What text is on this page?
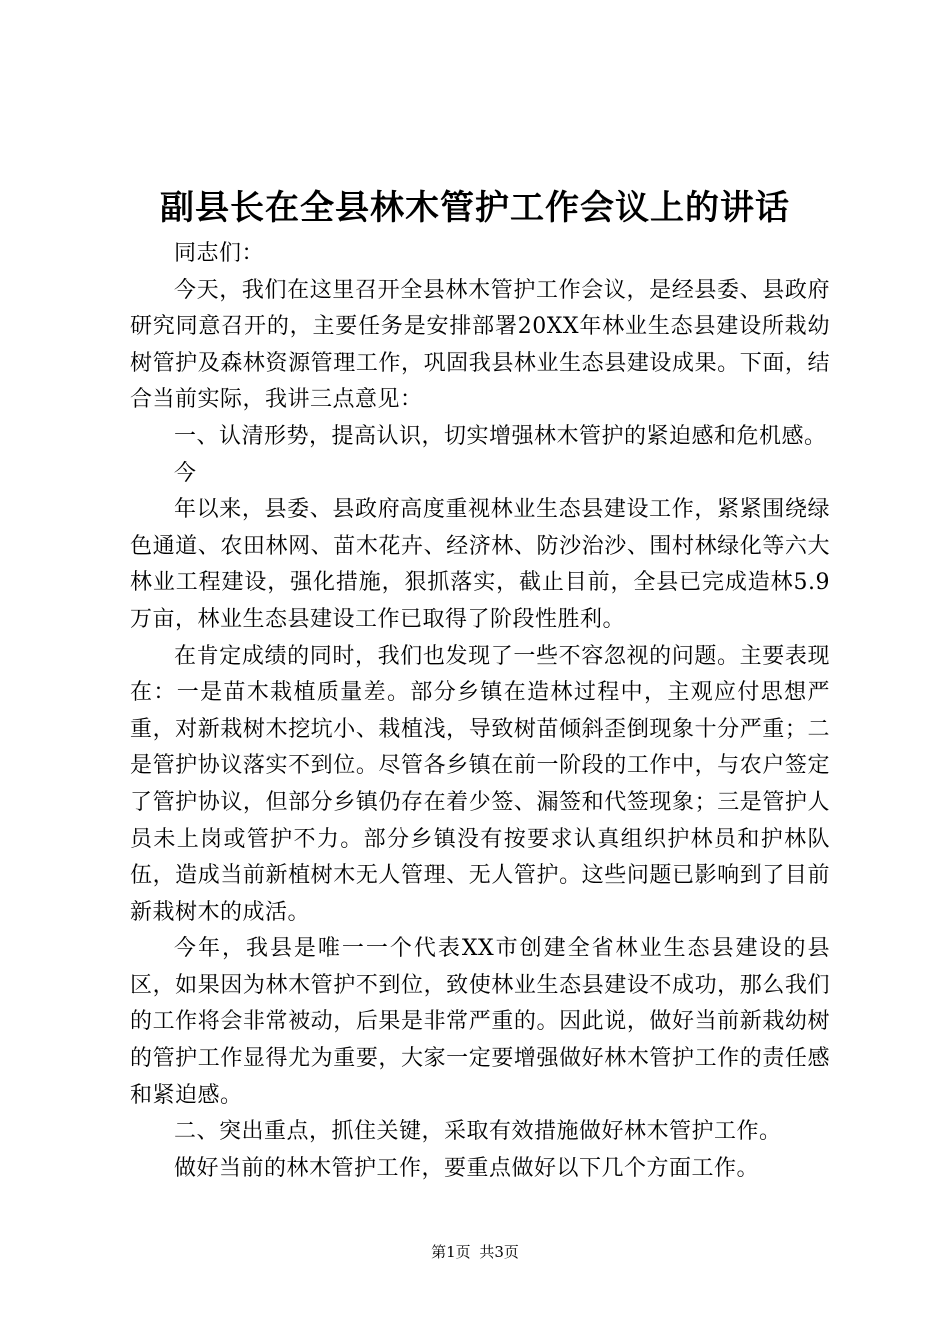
副县长在全县林木管护工作会议上的讲话

同志们：

今天，我们在这里召开全县林木管护工作会议，是经县委、县政府研究同意召开的，主要任务是安排部署20XX年林业生态县建设所栽幼树管护及森林资源管理工作，巩固我县林业生态县建设成果。下面，结合当前实际，我讲三点意见：

一、认清形势，提高认识，切实增强林木管护的紧迫感和危机感。

今

年以来，县委、县政府高度重视林业生态县建设工作，紧紧围绕绿色通道、农田林网、苗木花卉、经济林、防沙治沙、围村林绿化等六大林业工程建设，强化措施，狠抓落实，截止目前，全县已完成造林5.9万亩，林业生态县建设工作已取得了阶段性胜利。

在肯定成绩的同时，我们也发现了一些不容忽视的问题。主要表现在：一是苗木栽植质量差。部分乡镇在造林过程中，主观应付思想严重，对新栽树木挖坑小、栽植浅，导致树苗倾斜歪倒现象十分严重；二是管护协议落实不到位。尽管各乡镇在前一阶段的工作中，与农户签定了管护协议，但部分乡镇仍存在着少签、漏签和代签现象；三是管护人员未上岗或管护不力。部分乡镇没有按要求认真组织护林员和护林队伍，造成当前新植树木无人管理、无人管护。这些问题已影响到了目前新栽树木的成活。

今年，我县是唯一一个代表XX市创建全省林业生态县建设的县区，如果因为林木管护不到位，致使林业生态县建设不成功，那么我们的工作将会非常被动，后果是非常严重的。因此说，做好当前新栽幼树的管护工作显得尤为重要，大家一定要增强做好林木管护工作的责任感和紧迫感。

二、突出重点，抓住关键，采取有效措施做好林木管护工作。

做好当前的林木管护工作，要重点做好以下几个方面工作。

第1页 共3页
